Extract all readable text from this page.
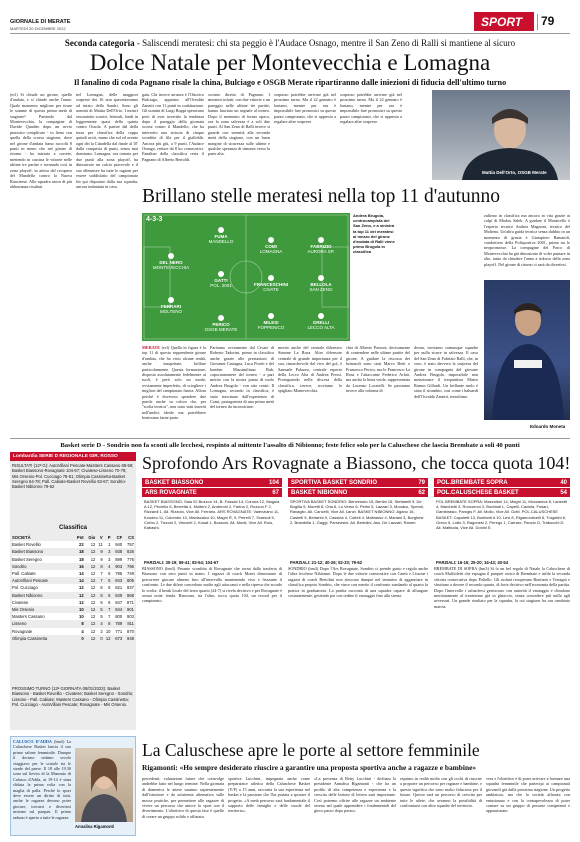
GIORNALE DI MERATE
MARTEDÌ 20 DICEMBRE 2022	SPORT 79
Seconda categoria - Saliscendi meratesi: chi sta peggio è l'Audace Osnago, mentre il San Zeno di Ralli si mantiene al sicuro
Dolce Natale per Montevecchia e Lomagna
Il fanalino di coda Pagnano risale la china, Bulciago e OSGB Merate ripartiranno dalle iniezioni di fiducia dell'ultimo turno
(ecl) Si chiude un girone, quello d'andata, e si chiude anche l'anno. Quale momento migliore per tirare le somme di questa prima metà di stagione? Partendo dal Montevecchia, la compagine di Davide Quadrio dopo un avvio piuttosto complicato - in fieno con quella della scorsa stagione, dove nel girone d'andata fumo raccolti 8 punti in meno che nel girone di ritorno - ha iniziato a correre, mettendo in cascina le vittorie nelle ultime tre partite e tornando così in zona playoff, in attesa del recupero del Mandello contro la Nuova Rancieese. Allo squadra ancor di più abbastanza risultati.
nel Lomagna, delle maggiori sorprese dei 16 non spaventeranno ad inizio della Sandri. Sono gli uomini di Mattia Dell'Orto. I mostri sessantotto scontri, letterali, fondi in leggermente quasi della quinta contro Ossola. A partire dal della terza per classifica della coppa quindi avvii, mano che sul ed avente ogni dei la Cittadella dal finale al 10' dalla conquista di punti, senza mai dominato. Lomagna, ora tornata per due punti alla zona playoff, ha dimostrato un calcio piacevole e il suo allenatore ha tutte le ragioni per essere soddisfatto del campionato fin qui disputato dalla sua squadra, ancora imbattuta in casa.
gata. Chi invece arranca è l'Ottorico Bulciago, appaiato all'Osvaldo Zanetti con 11 punti in coabitazione. Gli uomini di Luigi Ruppi speravano però di aver invertito la tendenza dopo il pareggio della giornata scorsa contro il Mandello, che ha interrotto una striscia di cinque sconfitte di fila per il gialloblù. Ancora più giù, a 9 punti, l'Audace Osnago, reduce da 8 ko consecutivi. Fanalino della classifica resta il Pagnano di Alberto Bertoldi.
scontro diretto di Pagnano. I meratesi infatti, con due vittorie e un pareggio nelle ultime tre partite, hanno lanciato un segnale al torneo. Dopo il momento di forma opaco, ora la zona salvezza è a soli due punti. Al San Zeno di Ralli invece si guarda con serenità alla seconda metà della stagione, con un buon margine di sicurezza sulle ultime e qualche speranza di rimonta verso la parte alta.
sorpasso potrebbe arrivare già nel prossimo turno. Ma il 22 gennaio è lontano, mentre per ora è impossibile fare pronostici su questo pazzo campionato, che si appresta a regalare altre sorprese.
sorpasso potrebbe arrivare già nel prossimo turno. Ma il 22 gennaio è lontano, mentre per ora è impossibile fare pronostici su questo pazzo campionato, che si appresta a regalare altre sorprese.
Mattia Dell'Orto, OSGB Merate
Brillano stelle meratesi nella top 11 d'autunno
4-3-3
DEL NERO
MONTEVECCHIA
FERRARI
MOLTENO
GATTI
POL. 2001
PERICO
OSGB MERATE
FUMA
MANDELLO
COMI
LOMAGNA
FRANCESCHINI
CIVATE
MILESI
FOPPENICO
FABRIZIO
AURORA SP.
BELLOLA
SAN ZENO
GRELLI
LECCO ALTA
Andrea Brugola, centrocampista del San Zeno, e a sinistra la top 11 dei meratesi al mezzo del girone d'andata di Ralli viene primo Brugola in classifica
MERATE (ecl) Quella in figura è la top 11 di questo seppendente girone d'andata, che ha visto alcune realtà, anche inaspettate, brillare particolarmente. Questa formazione, disposta assolutamente fedelmente ai ruoli, è però solo un modo, ovviamente imperfetto, di sciogliere i migliori del campionato finora. Allora perché è doveroso spendere due parole anche su coloro che, per "scelta tecnica", non sono stati inseriti nell'undici ideale ma potrebbero benissimo farne parte.
Partiamo ovviamente dal Civate di Roberto Tadorini, primo in classifica anche grazie alle prestazioni di Giovanni Castagna, Luca Pirotti e del bomber Massimiliano Bub, capocannoniere del torneo - a pari merito con la nostra punta di ruolo Andrea Brugola - con otto centri. Il Lomagna, secondo in classifica, è stato trascinato dall'esperienza di Comi, protagonista di una prima metà del torneo da incorniciare.
merito anche del centrale difensivo Simone La Rosa. Altro difensore centrale di grande importanza per il suo, rimarchevole dal vivo del gol, è Samuele Palazzo, centrale esperto della Lecco Alta di Andrea Pressi. Proseguendo nella discesa della classifica, invece, troviamo lo spigliato Montevecchia.
chia di Alberto Passoni, decisamente di contendere nelle ultime partite del girone. A guidare la riscossa dei brianzoli sono stati Marco Betti e Francesco Perico, ma lo Francesco La Rosa e l'attaccante Federico Arlati, ma anche la linea verde, rappresentata da Lorenzo Locatelli. Se passiamo invece alla colonna di
destra, troviamo comunque squadre per nulla sicure in salvezza. Il caso del San Zeno di Fabrizio Ralli, che, in vero, è stato davvero la sorpresa del girone in compagnia del giovane Andrea Brugola, impossibile non menzionare il trequartista Mateo Ramos Gillardi. Un brillante ruolo è stato il ricambio, così come i baluardi dell'Osvaldo Zanetti, terzultimo.
zultimo in classifica ma ancora in vita grazie ai colpi di Modou Saleh. A guidare il Monticello è l'esperto tecnico Andrea Magnoni, tecnico del Molteno. Un'altra guida tecnica senza dubbio in un momento di grazia è Giampiero Ramaioli, condottiero della Polisportiva 2001, prima tra le neopromosse. La compagine del Parco di Montevecchia ha già dimostrato di voler puntare in alto, tanto da chiudere l'anno a ridosso della zona playoff. Nel girone di ritorno ci sarà da divertirsi.
Edoardo Moneta
Basket serie D - Sondrio non fa sconti alle lecchesi, respinto al mittente l'assalto di Nibionno; feste felice solo per la Caluschese che lascia Brembate a soli 40 punti
Sprofondo Ars Rovagnate a Biassono, che tocca quota 104!
Lombardia SERIE D REGIONALE GIR. ROSSO
RISULTATI (12ª G): AutoVillani Pescate-Mastters Cassano 68-59; Basket Biassono-Rovagnate 104-67; Civatese-Lisseno 70-79; Mis Orsenio-Pol. Cucciago 78-81; Olimpia Cassinetta-Basket Seregno 64-78; Pall. Cabiate-Basket Rovellio 63-67; Sondrio-Basket Nibionno 79-62
Classifica
SOCIETÀ	Pnt	Gio	V	P	CF	CS
Basket Rovellio	22	12	11	1	940	757
Basket Biassono	18	12	9	3	938	826
Basket Seregno	18	12	9	3	899	776
Sondrio	16	12	8	4	903	796
Pall. Cabiate	14	12	7	5	795	749
AutoVillani Pescate	14	12	7	5	843	806
Pol. Cucciago	12	12	6	6	821	837
Basket Nibionno	12	12	6	6	849	868
Civatese	12	12	6	6	847	871
Mis Orsenio	10	12	5	7	844	901
Masters Cassano	10	12	5	7	800	803
Lisseno	8	12	4	8	789	811
Rovagnate	4	12	2	10	771	870
Olimpia Cassinetta	0	12	0	12	673	948
PROSSIMO TURNO (13ª GIORNATA 08/01/2023): Basket Biassono - Basket Rovellio - Civatese; Basket Seregno - Sondrio; Lissone - Pall. Cabiate; Masters Cassano - Olimpia Cassinetta; Pol. Cucciago - AutoVillani Pescate; Rovagnate - Mis Orsenio.
BASKET BIASSONO	104
ARS ROVAGNATE	67
BASKET BIASSONO: Sala 22 Buzzon 14, B. Fossati 14, Corona 12, Maguia A 12, Peciello 6, Berretta 4, Molteni 2, Andreoni 2, Farina 2, Ruzzon F 2, Rizzardi 1. All. Rizzuto, Vice All. Ferrario. ARS ROVAGNATE: Valenziano 11, Koudeo 11, Colombo 10, Maniscalco 10, Magni R, 9, Petrelli 7, Scarsoli 5, Corbo 2, Tizzoni 2, Visconti 2, Kusat 1, Bossoni. All. Monti, Vice All. Ruiu, Kabashi.
PARZIALI: 30-19; 59-41; 83-54; 104-67
BIASSONO (bm3) Pesante sconfitta di Rovagnate che torna dalla trasferta di Biassono con zero punti in mano. I ragazzi di coach Monti dimostrano di percorrere giocare almeno fino all'intervallo mantenendo vivo e frizzante il confronto. Le due difese concedono molto agli attaccanti e nella ripresa che accade lo svolta: il break locale del terzo quarto (24-7) si rivela decisivo e per Rovagnate è ormai notte fonda. Biassono, tra l'altro, tocca quota 104, un record per il campionato.
SPORTIVA BASKET SONDRIO	79
BASKET NIBIONNO	62
SPORTIVA BASKET SONDRIO: Benvenuto 15, Bertini 15, Stefanelli 9, De Bugilia 9, Moretti 8, Oria 6, Lo Verso 6, Perini 5, Lazzari 3, Monaco, Speroli, Ravaglio. All. Cancelli, Vice All. Lanzi. BASKET NIBIONNO: Agano 16, Castelli 9, Bertarini 9, Cassina 4, Cotteli 4, Maltrasso 4, Mariani 3, Borghesi 2, Brambilla 1, Gaggi, Parravisini. All. Bertolini, Ass. De Lazzari, Raneri.
PARZIALI: 21-12; 40-26; 52-33; 79-62
SONDRIO (bm3) Dopo l'Ars Rovagnate, Sondrio ci prende gusto e regola anche l'altra lecchese Nibionno. Dopo le due vittorie consecutive con Cantù e Lissone i ragazzi di coach Bertolini non riescono dunque nel tentativo di agganciare in classifica proprio Sondrio, che vince con merito il confronto sondando al quarto la pratica in graduatoria. La partita racconta di una squadra capace di allungare costantemente, gestendo poi con ordine il vantaggio fino alla sirena.
POL.BREMBATE SOPRA	40
POL.CALUSCHESE BASKET	54
POL.BREMBATE SOPRA: Mazzoleni 14, Magni 11, Mozzanica 8, Lanzetti 4, Marchetti 3, Roncoroni 3, Bonfanti L, Capelli, Caviola, Fusari, Gambirasio, Parogis F. All. Mollo, Vice All. Gotti. POL.CALUSCHESE BASKET: Capoletti 13, Bonfanti A 10, Levi 8, Rigamonticelli 6, Turgatini 6, Greco 5, Lotto 3, Ragonesi 2, Perego 1, Carraro, Panzio D, Trabucchi D. All. Mattioda, Vice All. Donini E.
PARZIALI: 16-15; 25-20; 34-43; 40-54
BREMBATE DI SOPRA (bm3) Si fa un bel regalo di Natale la Caluschese di coach Maffioletti che espugna il parquet ostico di Brembate e infila la seconda vittoria consecutiva dopo Poltello. Gli isolani recuperano Bonfanti e Terragni e sfruttano a dovere il secondo quarto, di forte decisivo nell'economia della partita. Dopo l'intervallo i caluschesi gestiscono con autorità il vantaggio e chiudono meritatamente al trentesimo già in ghiaccio, senza concedere più nulla agli avversari. Un grande risultato per la squadra, la cui stagione ha ora cambiato marcia.
CALUSCO D'ADDA (bm3) La Caluschese Basket lancia il suo primo salone femminile. Dunque il decimo settimo secolo viaggiavo per le scatole tra le strade del paese. Il 18 alle 19.30 sono sul lievito di la Manonio di Calusco d'Adda, ai 19-14 è stata sfidata la prima volta con la maglia di palla. Perché lo sport deve essere un diritto di tutti, anche le ragazze devono poter giocare, trovarsi e divertirsi insieme sul parquet. Il primo raduno è aperto a tutte le ragazze.
Annalisa Rigamonti
La Caluschese apre le porte al settore femminile
Rigamonti: «Ho sempre desiderato riuscire a garantire una proposta sportiva anche a ragazze e bambine»
precedenti, valutazioni future che coinvolge andrebbe fatto nel lungo termine. Nella giornata di domenica le attese saranno sapientemente dall'istruttore e da un'attenta alternativa sulle mosse pratiche, per permettere alle ragazze di vivere un percorso che unisce lo sport con il divertimento. L'obiettivo di questa fase è quello di creare un gruppo solido e affiatato.
sportiva Lucchini, impegnata anche come preparatrice atletica della Caluschese Basket (Y/F) a 15 anni, racconta la sua esperienza nel basket e la passione che l'ha portata a sposare il progetto. «A metà percorso sarà fondamentale il supporto delle famiglie e delle scuole del territorio».
«La presenza di Betty Lucchini - dichiara la presidente Annalisa Rigamonti - che ha un profilo di alta competenza e esperienza e la crescita delle lezioni di lettera sarà importante. Così potremo offrire alle ragazze un ambiente sereno nel quale apprendere i fondamentali del gioco passo dopo passo».
esprimo in realtà molto con gli occhi di riuscire a proporre un percorso per ragazze e bambine, e questo significa che sono molto fiduciosa per il futuro. Questo sarà un percorso di crescita per tutte le atlete, che avranno la possibilità di confrontarsi con altre squadre del territorio.
vera e l'obiettivo è di poter arrivare a formare una squadra femminile che partecipi ai campionati giovanili già dalla prossima stagione. Un progetto ambizioso, ma che la società affronta con entusiasmo e con la consapevolezza di poter contare su un gruppo di persone competenti e appassionate.
